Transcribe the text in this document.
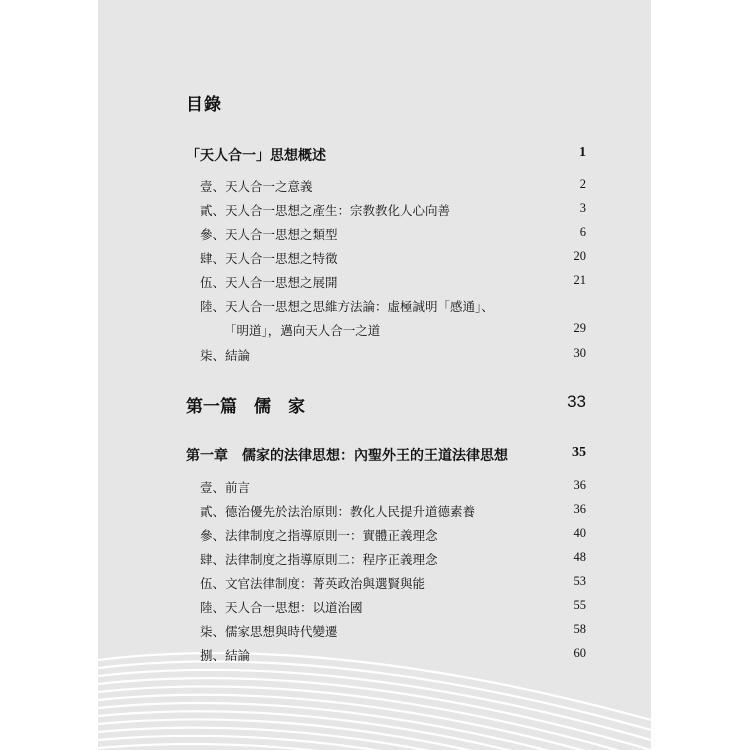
目錄
「天人合一」思想概述	1
壹、天人合一之意義	2
貳、天人合一思想之產生：宗教教化人心向善	3
參、天人合一思想之類型	6
肆、天人合一思想之特徵	20
伍、天人合一思想之展開	21
陸、天人合一思想之思維方法論：虛極誠明「感通」、
「明道」，邁向天人合一之道	29
柒、結論	30
第一篇　儒　家	33
第一章　儒家的法律思想：內聖外王的王道法律思想	35
壹、前言	36
貳、德治優先於法治原則：教化人民提升道德素養	36
參、法律制度之指導原則一：實體正義理念	40
肆、法律制度之指導原則二：程序正義理念	48
伍、文官法律制度：菁英政治與選賢與能	53
陸、天人合一思想：以道治國	55
柒、儒家思想與時代變遷	58
捌、結論	60
